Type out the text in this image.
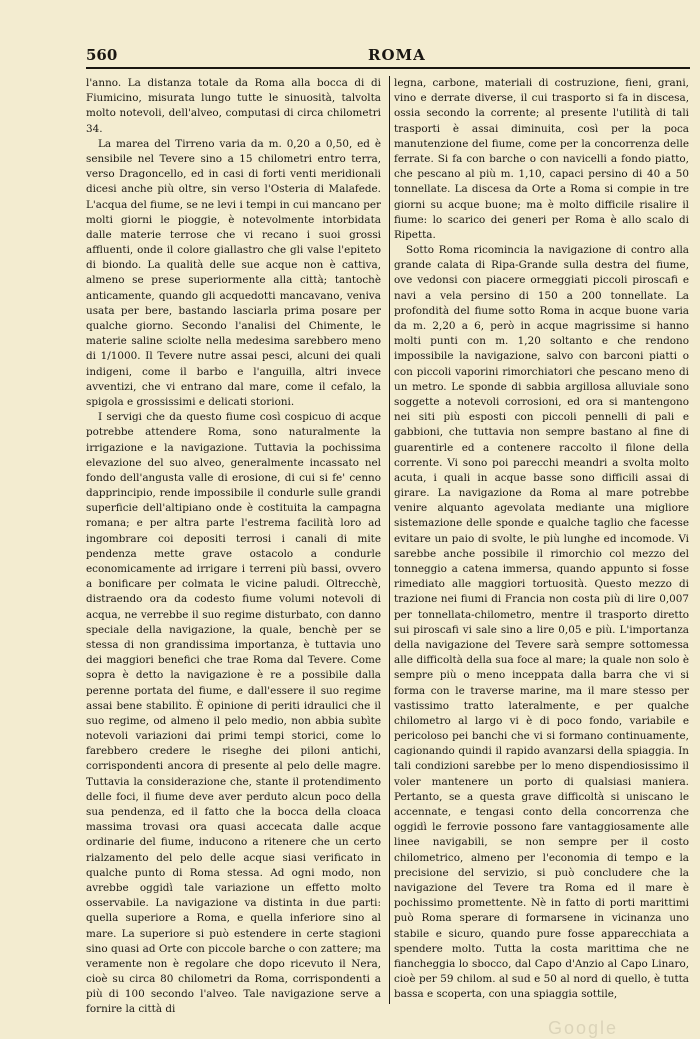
560	ROMA

l'anno. La distanza totale da Roma alla bocca di di Fiumicino, misurata lungo tutte le sinuosità, talvolta molto notevoli, dell'alveo, computasi di circa chilometri 34.

La marea del Tirreno varia da m. 0,20 a 0,50, ed è sensibile nel Tevere sino a 15 chilometri entro terra, verso Dragoncello, ed in casi di forti venti meridionali dicesi anche più oltre, sin verso l'Osteria di Malafede. L'acqua del fiume, se ne levi i tempi in cui mancano per molti giorni le pioggie, è notevolmente intorbidata dalle materie terrose che vi recano i suoi grossi affluenti, onde il colore giallastro che gli valse l'epiteto di biondo. La qualità delle sue acque non è cattiva, almeno se prese superiormente alla città; tantochè anticamente, quando gli acquedotti mancavano, veniva usata per bere, bastando lasciarla prima posare per qualche giorno. Secondo l'analisi del Chimente, le materie saline sciolte nella medesima sarebbero meno di 1/1000. Il Tevere nutre assai pesci, alcuni dei quali indigeni, come il barbo e l'anguilla, altri invece avventizi, che vi entrano dal mare, come il cefalo, la spigola e grossissimi e delicati storioni.

I servigi che da questo fiume così cospicuo di acque potrebbe attendere Roma, sono naturalmente la irrigazione e la navigazione. Tuttavia la pochissima elevazione del suo alveo, generalmente incassato nel fondo dell'angusta valle di erosione, di cui si fe' cenno dapprincipio, rende impossibile il condurle sulle grandi superficie dell'altipiano onde è costituita la campagna romana; e per altra parte l'estrema facilità loro ad ingombrare coi depositi terrosi i canali di mite pendenza mette grave ostacolo a condurle economicamente ad irrigare i terreni più bassi, ovvero a bonificare per colmata le vicine paludi. Oltrecchè, distraendo ora da codesto fiume volumi notevoli di acqua, ne verrebbe il suo regime disturbato, con danno speciale della navigazione, la quale, benchè per se stessa di non grandissima importanza, è tuttavia uno dei maggiori benefici che trae Roma dal Tevere. Come sopra è detto la navigazione è re a possibile dalla perenne portata del fiume, e dall'essere il suo regime assai bene stabilito. È opinione di periti idraulici che il suo regime, od almeno il pelo medio, non abbia subìte notevoli variazioni dai primi tempi storici, come lo farebbero credere le riseghe dei piloni antichi, corrispondenti ancora di presente al pelo delle magre. Tuttavia la considerazione che, stante il protendimento delle foci, il fiume deve aver perduto alcun poco della sua pendenza, ed il fatto che la bocca della cloaca massima trovasi ora quasi accecata dalle acque ordinarie del fiume, inducono a ritenere che un certo rialzamento del pelo delle acque siasi verificato in qualche punto di Roma stessa. Ad ogni modo, non avrebbe oggidì tale variazione un effetto molto osservabile. La navigazione va distinta in due parti: quella superiore a Roma, e quella inferiore sino al mare. La superiore si può estendere in certe stagioni sino quasi ad Orte con piccole barche o con zattere; ma veramente non è regolare che dopo ricevuto il Nera, cioè su circa 80 chilometri da Roma, corrispondenti a più di 100 secondo l'alveo. Tale navigazione serve a fornire la città di

legna, carbone, materiali di costruzione, fieni, grani, vino e derrate diverse, il cui trasporto si fa in discesa, ossia secondo la corrente; al presente l'utilità di tali trasporti è assai diminuita, così per la poca manutenzione del fiume, come per la concorrenza delle ferrate. Si fa con barche o con navicelli a fondo piatto, che pescano al più m. 1,10, capaci persino di 40 a 50 tonnellate. La discesa da Orte a Roma si compie in tre giorni su acque buone; ma è molto difficile risalire il fiume: lo scarico dei generi per Roma è allo scalo di Ripetta.

Sotto Roma ricomincia la navigazione di contro alla grande calata di Ripa-Grande sulla destra del fiume, ove vedonsi con piacere ormeggiati piccoli piroscafi e navi a vela persino di 150 a 200 tonnellate. La profondità del fiume sotto Roma in acque buone varia da m. 2,20 a 6, però in acque magrissime si hanno molti punti con m. 1,20 soltanto e che rendono impossibile la navigazione, salvo con barconi piatti o con piccoli vaporini rimorchiatori che pescano meno di un metro. Le sponde di sabbia argillosa alluviale sono soggette a notevoli corrosioni, ed ora si mantengono nei siti più esposti con piccoli pennelli di pali e gabbioni, che tuttavia non sempre bastano al fine di guarentirle ed a contenere raccolto il filone della corrente. Vi sono poi parecchi meandri a svolta molto acuta, i quali in acque basse sono difficili assai di girare. La navigazione da Roma al mare potrebbe venire alquanto agevolata mediante una migliore sistemazione delle sponde e qualche taglio che facesse evitare un paio di svolte, le più lunghe ed incomode. Vi sarebbe anche possibile il rimorchio col mezzo del tonneggio a catena immersa, quando appunto si fosse rimediato alle maggiori tortuosità. Questo mezzo di trazione nei fiumi di Francia non costa più di lire 0,007 per tonnellata-chilometro, mentre il trasporto diretto sui piroscafi vi sale sino a lire 0,05 e più. L'importanza della navigazione del Tevere sarà sempre sottomessa alle difficoltà della sua foce al mare; la quale non solo è sempre più o meno inceppata dalla barra che vi si forma con le traverse marine, ma il mare stesso per vastissimo tratto lateralmente, e per qualche chilometro al largo vi è di poco fondo, variabile e pericoloso pei banchi che vi si formano continuamente, cagionando quindi il rapido avanzarsi della spiaggia. In tali condizioni sarebbe per lo meno dispendiosissimo il voler mantenere un porto di qualsiasi maniera. Pertanto, se a questa grave difficoltà si uniscano le accennate, e tengasi conto della concorrenza che oggidì le ferrovie possono fare vantaggiosamente alle linee navigabili, se non sempre per il costo chilometrico, almeno per l'economia di tempo e la precisione del servizio, si può concludere che la navigazione del Tevere tra Roma ed il mare è pochissimo promettente. Nè in fatto di porti marittimi può Roma sperare di formarsene in vicinanza uno stabile e sicuro, quando pure fosse apparecchiata a spendere molto. Tutta la costa marittima che ne fiancheggia lo sbocco, dal Capo d'Anzio al Capo Linaro, cioè per 59 chilom. al sud e 50 al nord di quello, è tutta bassa e scoperta, con una spiaggia sottile,

Google
